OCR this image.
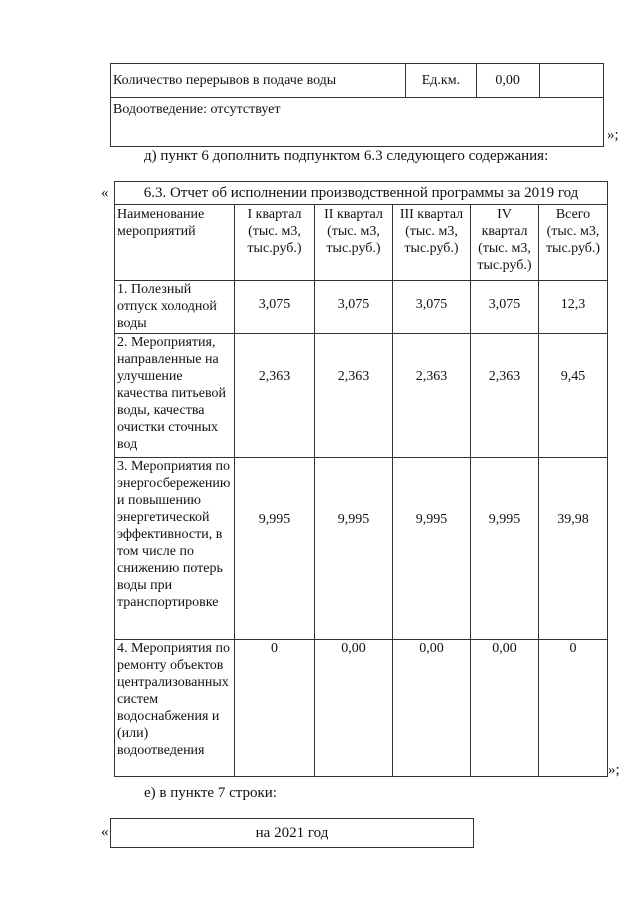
Количество перерывов в подаче воды	Ед.км.	0,00	
Водоотведение: отсутствует
»;
д) пункт 6 дополнить подпунктом 6.3 следующего содержания:
« 6.3. Отчет об исполнении производственной программы за 2019 год					
Наименование мероприятий	I квартал (тыс. м3, тыс.руб.)	II квартал (тыс. м3, тыс.руб.)	III квартал (тыс. м3, тыс.руб.)	IV квартал (тыс. м3, тыс.руб.)	Всего (тыс. м3, тыс.руб.)
1. Полезный отпуск холодной воды	3,075	3,075	3,075	3,075	12,3

2. Мероприятия, направленные на улучшение качества питьевой воды, качества очистки сточных вод	2,363	2,363	2,363	2,363	9,45

3. Мероприятия по энергосбережению и повышению энергетической эффективности, в том числе по снижению потерь воды при транспортировке	9,995	9,995	9,995	9,995	39,98

4. Мероприятия по ремонту объектов централизованных систем водоснабжения и (или) водоотведения	0	0,00	0,00	0,00	0
»;
е) в пункте 7 строки:
«	на 2021 год
